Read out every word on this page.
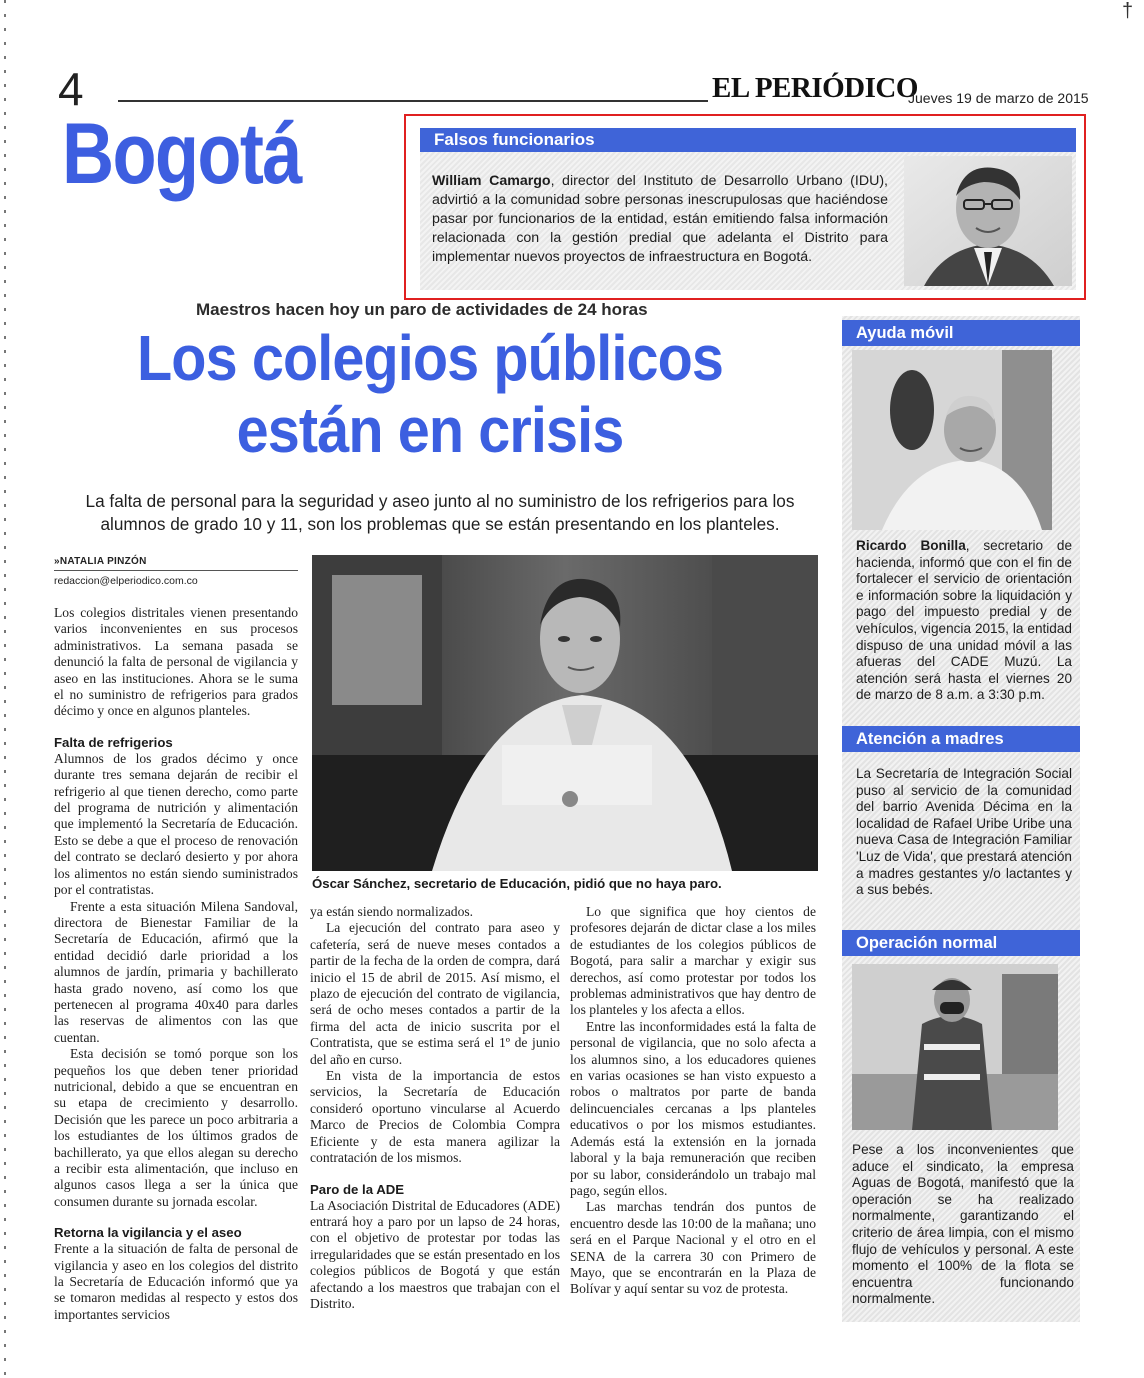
†
4	EL PERIÓDICO
Jueves 19 de marzo de 2015
Bogotá	Falsos funcionarios
William Camargo, director del Instituto de Desarrollo Urbano (IDU), advirtió a la comunidad sobre personas inescrupulosas que haciéndose pasar por funcionarios de la entidad, están emitiendo falsa información relacionada con la gestión predial que adelanta el Distrito para implementar nuevos proyectos de infraestructura en Bogotá.
Maestros hacen hoy un paro de actividades de 24 horas
Los colegios públicos
están en crisis
La falta de personal para la seguridad y aseo junto al no suministro de los refrigerios para los alumnos de grado 10 y 11, son los problemas que se están presentando en los planteles.
»NATALIA PINZÓN
redaccion@elperiodico.com.co

Los colegios distritales vienen presentando varios inconvenientes en sus procesos administrativos. La semana pasada se denunció la falta de personal de vigilancia y aseo en las instituciones. Ahora se le suma el no suministro de refrigerios para grados décimo y once en algunos planteles.

Falta de refrigerios

Alumnos de los grados décimo y once durante tres semana dejarán de recibir el refrigerio al que tienen derecho, como parte del programa de nutrición y alimentación que implementó la Secretaría de Educación. Esto se debe a que el proceso de renovación del contrato se declaró desierto y por ahora los alimentos no están siendo suministrados por el contratistas.

Frente a esta situación Milena Sandoval, directora de Bienestar Familiar de la Secretaría de Educación, afirmó que la entidad decidió darle prioridad a los alumnos de jardín, primaria y bachillerato hasta grado noveno, así como los que pertenecen al programa 40x40 para darles las reservas de alimentos con las que cuentan.

Esta decisión se tomó porque son los pequeños los que deben tener prioridad nutricional, debido a que se encuentran en su etapa de crecimiento y desarrollo. Decisión que les parece un poco arbitraria a los estudiantes de los últimos grados de bachillerato, ya que ellos alegan su derecho a recibir esta alimentación, que incluso en algunos casos llega a ser la única que consumen durante su jornada escolar.

Retorna la vigilancia y el aseo

Frente a la situación de falta de personal de vigilancia y aseo en los colegios del distrito la Secretaría de Educación informó que ya se tomaron medidas al respecto y estos dos importantes servicios

Óscar Sánchez, secretario de Educación, pidió que no haya paro.

ya están siendo normalizados.

La ejecución del contrato para aseo y cafetería, será de nueve meses contados a partir de la fecha de la orden de compra, dará inicio el 15 de abril de 2015. Así mismo, el plazo de ejecución del contrato de vigilancia, será de ocho meses contados a partir de la firma del acta de inicio suscrita por el Contratista, que se estima será el 1º de junio del año en curso.

En vista de la importancia de estos servicios, la Secretaría de Educación consideró oportuno vincularse al Acuerdo Marco de Precios de Colombia Compra Eficiente y de esta manera agilizar la contratación de los mismos.

Paro de la ADE

La Asociación Distrital de Educadores (ADE) entrará hoy a paro por un lapso de 24 horas, con el objetivo de protestar por todas las irregularidades que se están presentado en los colegios públicos de Bogotá y que están afectando a los maestros que trabajan con el Distrito.

Lo que significa que hoy cientos de profesores dejarán de dictar clase a los miles de estudiantes de los colegios públicos de Bogotá, para salir a marchar y exigir sus derechos, así como protestar por todos los problemas administrativos que hay dentro de los planteles y los afecta a ellos.

Entre las inconformidades está la falta de personal de vigilancia, que no solo afecta a los alumnos sino, a los educadores quienes en varias ocasiones se han visto expuesto a robos o maltratos por parte de banda delincuenciales cercanas a lps planteles educativos o por los mismos estudiantes. Además está la extensión en la jornada laboral y la baja remuneración que reciben por su labor, considerándolo un trabajo mal pago, según ellos.

Las marchas tendrán dos puntos de encuentro desde las 10:00 de la mañana; uno será en el Parque Nacional y el otro en el SENA de la carrera 30 con Primero de Mayo, que se encontrarán en la Plaza de Bolívar y aquí sentar su voz de protesta.

Ayuda móvil
Ricardo Bonilla, secretario de hacienda, informó que con el fin de fortalecer el servicio de orientación e información sobre la liquidación y pago del impuesto predial y de vehículos, vigencia 2015, la entidad dispuso de una unidad móvil a las afueras del CADE Muzú. La atención será hasta el viernes 20 de marzo de 8 a.m. a 3:30 p.m.
Atención a madres
La Secretaría de Integración Social puso al servicio de la comunidad del barrio Avenida Décima en la localidad de Rafael Uribe Uribe una nueva Casa de Integración Familiar 'Luz de Vida', que prestará atención a madres gestantes y/o lactantes y a sus bebés.
Operación normal
Pese a los inconvenientes que aduce el sindicato, la empresa Aguas de Bogotá, manifestó que la operación se ha realizado normalmente, garantizando el criterio de área limpia, con el mismo flujo de vehículos y personal. A este momento el 100% de la flota se encuentra funcionando normalmente.
